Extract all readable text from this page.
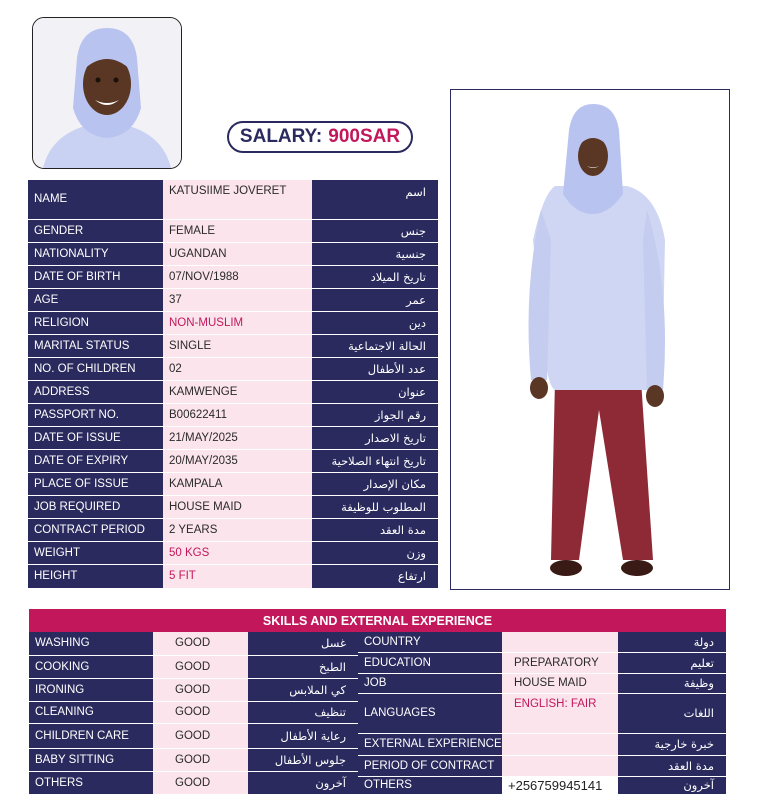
SALARY: 900SAR
NAME	KATUSIIME JOVERET	اسم
GENDER	FEMALE	جنس
NATIONALITY	UGANDAN	جنسية
DATE OF BIRTH	07/NOV/1988	تاريخ الميلاد
AGE	37	عمر
RELIGION	NON-MUSLIM	دين
MARITAL STATUS	SINGLE	الحالة الاجتماعية
NO. OF CHILDREN	02	عدد الأطفال
ADDRESS	KAMWENGE	عنوان
PASSPORT NO.	B00622411	رقم الجواز
DATE OF ISSUE	21/MAY/2025	تاريخ الاصدار
DATE OF EXPIRY	20/MAY/2035	تاريخ انتهاء الصلاحية
PLACE OF ISSUE	KAMPALA	مكان الإصدار
JOB REQUIRED	HOUSE MAID	المطلوب للوظيفة
CONTRACT PERIOD	2 YEARS	مدة العقد
WEIGHT	50 KGS	وزن
HEIGHT	5 FIT	ارتفاع
SKILLS AND EXTERNAL EXPERIENCE
WASHING	GOOD	غسل
COOKING	GOOD	الطبخ
IRONING	GOOD	كي الملابس
CLEANING	GOOD	تنظيف
CHILDREN CARE	GOOD	رعاية الأطفال
BABY SITTING	GOOD	جلوس الأطفال
OTHERS	GOOD	آخرون
COUNTRY		دولة
EDUCATION	PREPARATORY	تعليم
JOB	HOUSE MAID	وظيفة
LANGUAGES	ENGLISH: FAIR	اللغات
EXTERNAL EXPERIENCE		خبرة خارجية
PERIOD OF CONTRACT		مدة العقد
OTHERS	+256759945141	آخرون
